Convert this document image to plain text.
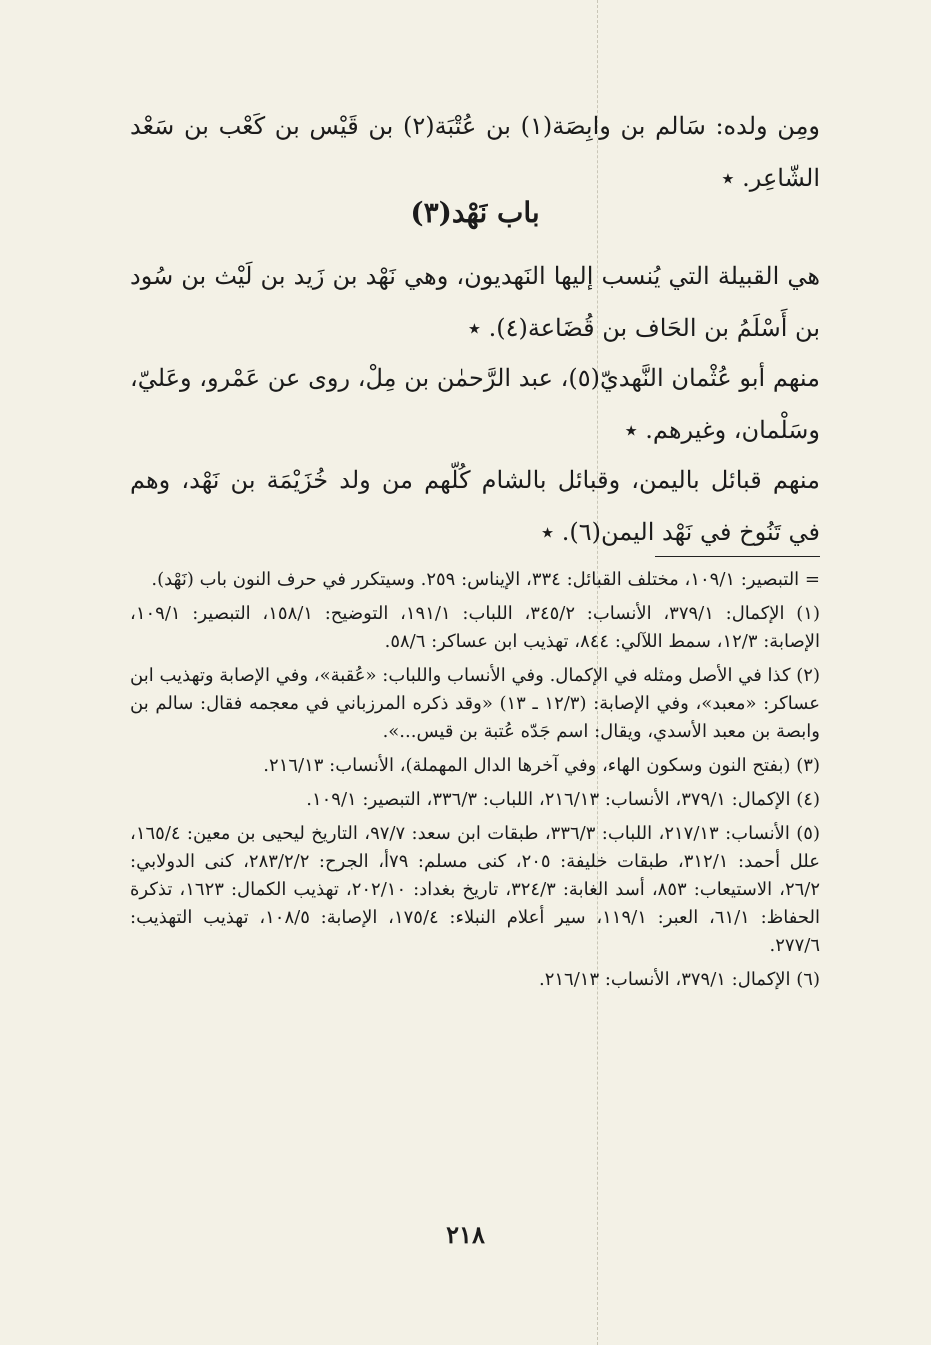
ومِن ولده: سَالم بن وابِصَة(١) بن عُتْبَة(٢) بن قَيْس بن كَعْب بن سَعْد الشّاعِر. ٭
باب نَهْد(٣)
هي القبيلة التي يُنسب إليها النَهديون، وهي نَهْد بن زَيد بن لَيْث بن سُود بن أَسْلَمُ بن الحَاف بن قُضَاعة(٤). ٭
منهم أبو عُثْمان النَّهديّ(٥)، عبد الرَّحمٰن بن مِلْ، روى عن عَمْرو، وعَليّ، وسَلْمان، وغيرهم. ٭
منهم قبائل باليمن، وقبائل بالشام كُلّهم من ولد خُزَيْمَة بن نَهْد، وهم في تَنُوخ في نَهْد اليمن(٦). ٭

= التبصير: ١٠٩/١، مختلف القبائل: ٣٣٤، الإيناس: ٢٥٩. وسيتكرر في حرف النون باب (نَهْد).

(١) الإكمال: ٣٧٩/١، الأنساب: ٣٤٥/٢، اللباب: ١٩١/١، التوضيح: ١٥٨/١، التبصير: ١٠٩/١، الإصابة: ١٢/٣، سمط اللآلي: ٨٤٤، تهذيب ابن عساكر: ٥٨/٦.

(٢) كذا في الأصل ومثله في الإكمال. وفي الأنساب واللباب: «عُقبة»، وفي الإصابة وتهذيب ابن عساكر: «معبد»، وفي الإصابة: (١٢/٣ ـ ١٣) «وقد ذكره المرزباني في معجمه فقال: سالم بن وابصة بن معبد الأسدي، ويقال: اسم جَدّه عُتبة بن قيس...».

(٣) (بفتح النون وسكون الهاء، وفي آخرها الدال المهملة)، الأنساب: ٢١٦/١٣.

(٤) الإكمال: ٣٧٩/١، الأنساب: ٢١٦/١٣، اللباب: ٣٣٦/٣، التبصير: ١٠٩/١.

(٥) الأنساب: ٢١٧/١٣، اللباب: ٣٣٦/٣، طبقات ابن سعد: ٩٧/٧، التاريخ ليحيى بن معين: ١٦٥/٤، علل أحمد: ٣١٢/١، طبقات خليفة: ٢٠٥، كنى مسلم: ٧٩أ، الجرح: ٢٨٣/٢/٢، كنى الدولابي: ٢٦/٢، الاستيعاب: ٨٥٣، أسد الغابة: ٣٢٤/٣، تاريخ بغداد: ٢٠٢/١٠، تهذيب الكمال: ١٦٢٣، تذكرة الحفاظ: ٦١/١، العبر: ١١٩/١، سير أعلام النبلاء: ١٧٥/٤، الإصابة: ١٠٨/٥، تهذيب التهذيب: ٢٧٧/٦.

(٦) الإكمال: ٣٧٩/١، الأنساب: ٢١٦/١٣.

٢١٨
